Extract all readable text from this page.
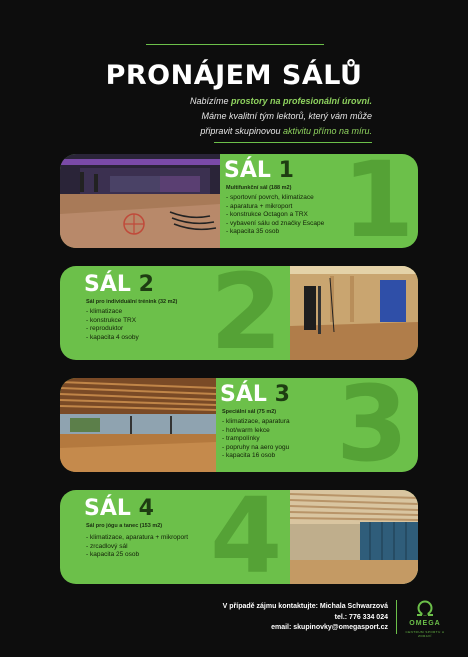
PRONÁJEM SÁLŮ
Nabízíme prostory na profesionální úrovni.
Máme kvalitní tým lektorů, který vám může
připravit skupinovou aktivitu přímo na míru.
1
SÁL 1
Multifunkční sál (188 m2)
- sportovní povrch, klimatizace
- aparatura + mikroport
- konstrukce Octagon a TRX
- vybavení sálu od značky Escape
- kapacita 35 osob
2
SÁL 2
Sál pro individuální trénink (32 m2)
- klimatizace
- konstrukce TRX
- reproduktor
- kapacita 4 osoby
3
SÁL 3
Speciální sál (75 m2)
- klimatizace, aparatura
- hot/warm lekce
- trampolínky
- popruhy na aero yogu
- kapacita 16 osob
4
SÁL 4
Sál pro jógu a tanec (153 m2)
- klimatizace, aparatura + mikroport
- zrcadlový sál
- kapacita 25 osob
V případě zájmu kontaktujte: Michala Schwarzová
tel.: 776 334 024
email: skupinovky@omegasport.cz
OMEGA
CENTRUM SPORTU A ZDRAVÍ
